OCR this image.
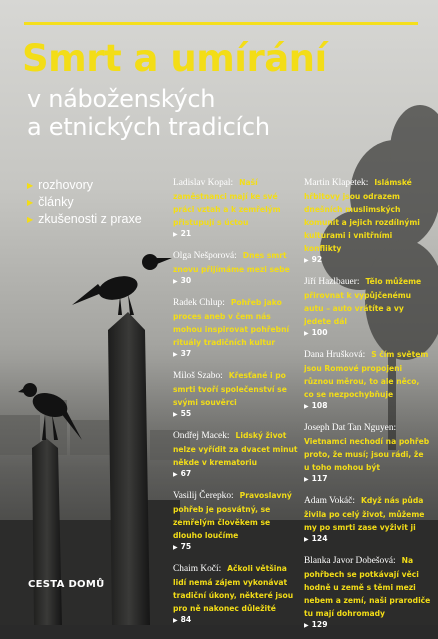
Smrt a umírání
v náboženských
a etnických tradicích
▶ rozhovory
▶ články
▶ zkušenosti z praxe
Ladislav Kopal: Naší zaměstnanci mají ke své práci vztah a k zemřelým přistupují s úctou
▶ 21
Olga Nešporová: Dnes smrt znovu přijímáme mezi sebe
▶ 30
Radek Chlup: Pohřeb jako proces aneb v čem nás mohou inspirovat pohřební rituály tradičních kultur
▶ 37
Miloš Szabo: Křesťané i po smrti tvoří společenství se svými souvěrci
▶ 55
Ondřej Macek: Lidský život nelze vyřídit za dvacet minut někde v krematoriu
▶ 67
Vasilij Čerepko: Pravoslavný pohřeb je posvátný, se zemřelým člověkem se dlouho loučíme
▶ 75
Chaim Kočí: Ačkoli většina lidí nemá zájem vykonávat tradiční úkony, některé jsou pro ně nakonec důležité
▶ 84
Martin Klapetek: Islámské hřbitovy jsou odrazem dnešních muslimských komunit a jejich rozdílnými kulturami i vnitřními konflikty
▶ 92
Jiří Hazlbauer: Tělo můžeme přirovnat k vypůjčenému autu – auto vrátíte a vy jedete dál
▶ 100
Dana Hrušková: S čím světem jsou Romové propojeni různou měrou, to ale něco, co se nezpochybňuje
▶ 108
Joseph Dat Tan Nguyen: Vietnamci nechodí na pohřeb proto, že musí; jsou rádi, že u toho mohou být
▶ 117
Adam Vokáč: Když nás půda živila po celý život, můžeme my po smrti zase vyživit ji
▶ 124
Blanka Javor Dobešová: Na pohřbech se potkávají věci hodně u země s těmi mezi nebem a zemí, naši prarodiče tu mají dohromady
▶ 129
CESTA DOMŮ
